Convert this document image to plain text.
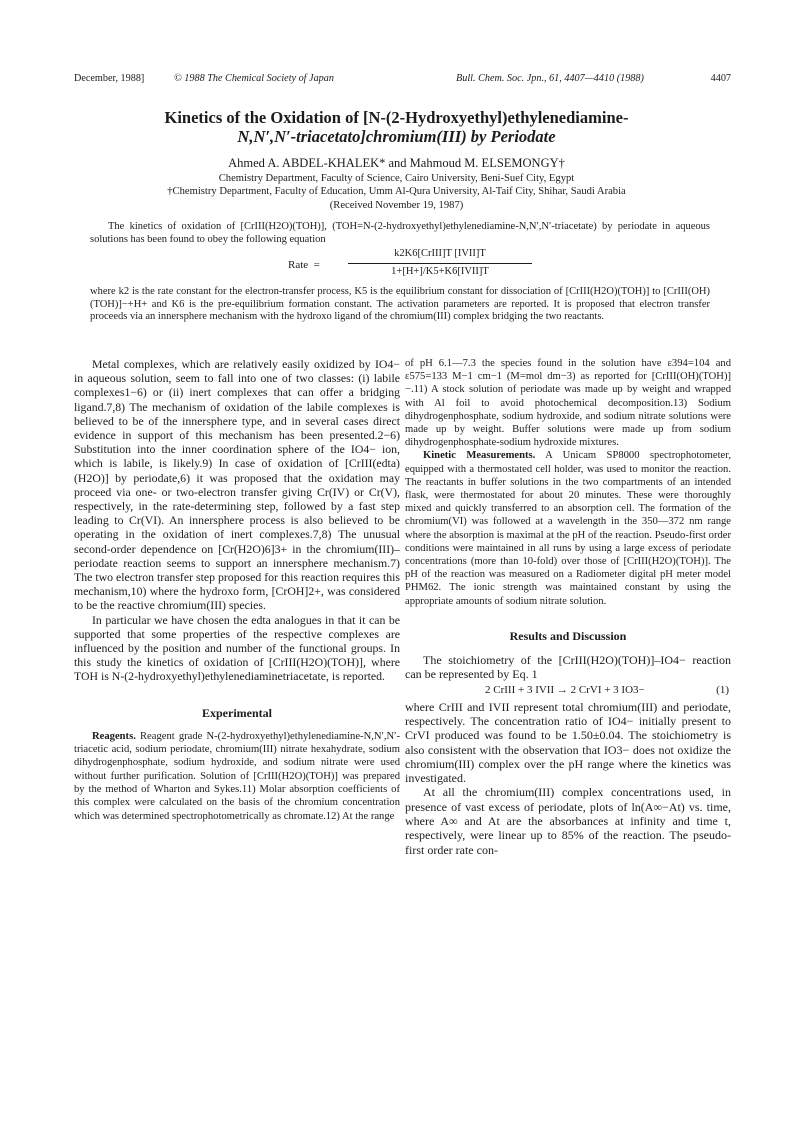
December, 1988]	© 1988 The Chemical Society of Japan	Bull. Chem. Soc. Jpn., 61, 4407—4410 (1988)	4407
Kinetics of the Oxidation of [N-(2-Hydroxyethyl)ethylenediamine-
N,N′,N′-triacetato]chromium(III) by Periodate
Ahmed A. ABDEL-KHALEK* and Mahmoud M. ELSEMONGY†
Chemistry Department, Faculty of Science, Cairo University, Beni-Suef City, Egypt
†Chemistry Department, Faculty of Education, Umm Al-Qura University, Al-Taif City, Shihar, Saudi Arabia
(Received November 19, 1987)

The kinetics of oxidation of [CrIII(H2O)(TOH)], (TOH=N-(2-hydroxyethyl)ethylenediamine-N,N′,N′-triacetate) by periodate in aqueous solutions has been found to obey the following equation

Rate  =
k2K6[CrIII]T [IVII]T
1+[H+]/K5+K6[IVII]T

where k2 is the rate constant for the electron-transfer process, K5 is the equilibrium constant for dissociation of [CrIII(H2O)(TOH)] to [CrIII(OH)(TOH)]−+H+ and K6 is the pre-equilibrium formation constant. The activation parameters are reported. It is proposed that electron transfer proceeds via an innersphere mechanism with the hydroxo ligand of the chromium(III) complex bridging the two reactants.

Metal complexes, which are relatively easily oxidized by IO4− in aqueous solution, seem to fall into one of two classes: (i) labile complexes1−6) or (ii) inert complexes that can offer a bridging ligand.7,8) The mechanism of oxidation of the labile complexes is believed to be of the innersphere type, and in several cases direct evidence in support of this mechanism has been presented.2−6) Substitution into the inner coordination sphere of the IO4− ion, which is labile, is likely.9) In case of oxidation of [CrIII(edta)(H2O)] by periodate,6) it was proposed that the oxidation may proceed via one- or two-electron transfer giving Cr(IV) or Cr(V), respectively, in the rate-determining step, followed by a fast step leading to Cr(VI). An innersphere process is also believed to be operating in the oxidation of inert complexes.7,8) The unusual second-order dependence on [Cr(H2O)6]3+ in the chromium(III)–periodate reaction seems to support an innersphere mechanism.7) The two electron transfer step proposed for this reaction requires this mechanism,10) where the hydroxo form, [CrOH]2+, was considered to be the reactive chromium(III) species.

In particular we have chosen the edta analogues in that it can be supported that some properties of the respective complexes are influenced by the position and number of the functional groups. In this study the kinetics of oxidation of [CrIII(H2O)(TOH)], where TOH is N-(2-hydroxyethyl)ethylenediaminetriacetate, is reported.

Experimental

Reagents. Reagent grade N-(2-hydroxyethyl)ethylenediamine-N,N′,N′-triacetic acid, sodium periodate, chromium(III) nitrate hexahydrate, sodium dihydrogenphosphate, sodium hydroxide, and sodium nitrate were used without further purification. Solution of [CrIII(H2O)(TOH)] was prepared by the method of Wharton and Sykes.11) Molar absorption coefficients of this complex were calculated on the basis of the chromium concentration which was determined spectrophotometrically as chromate.12) At the range

of pH 6.1—7.3 the species found in the solution have ε394=104 and ε575=133 M−1 cm−1 (M=mol dm−3) as reported for [CrIII(OH)(TOH)]−.11) A stock solution of periodate was made up by weight and wrapped with Al foil to avoid photochemical decomposition.13) Sodium dihydrogenphosphate, sodium hydroxide, and sodium nitrate solutions were made up by weight. Buffer solutions were made up from sodium dihydrogenphosphate-sodium hydroxide mixtures.

Kinetic Measurements. A Unicam SP8000 spectrophotometer, equipped with a thermostated cell holder, was used to monitor the reaction. The reactants in buffer solutions in the two compartments of an intended flask, were thermostated for about 20 minutes. These were thoroughly mixed and quickly transferred to an absorption cell. The formation of the chromium(VI) was followed at a wavelength in the 350—372 nm range where the absorption is maximal at the pH of the reaction. Pseudo-first order conditions were maintained in all runs by using a large excess of periodate concentrations (more than 10-fold) over those of [CrIII(H2O)(TOH)]. The pH of the reaction was measured on a Radiometer digital pH meter model PHM62. The ionic strength was maintained constant by using the appropriate amounts of sodium nitrate solution.

Results and Discussion

The stoichiometry of the [CrIII(H2O)(TOH)]–IO4− reaction can be represented by Eq. 1

2 CrIII + 3 IVII → 2 CrVI + 3 IO3−	(1)

where CrIII and IVII represent total chromium(III) and periodate, respectively. The concentration ratio of IO4− initially present to CrVI produced was found to be 1.50±0.04. The stoichiometry is also consistent with the observation that IO3− does not oxidize the chromium(III) complex over the pH range where the kinetics was investigated.

At all the chromium(III) complex concentrations used, in presence of vast excess of periodate, plots of ln(A∞−At) vs. time, where A∞ and At are the absorbances at infinity and time t, respectively, were linear up to 85% of the reaction. The pseudo-first order rate con-
